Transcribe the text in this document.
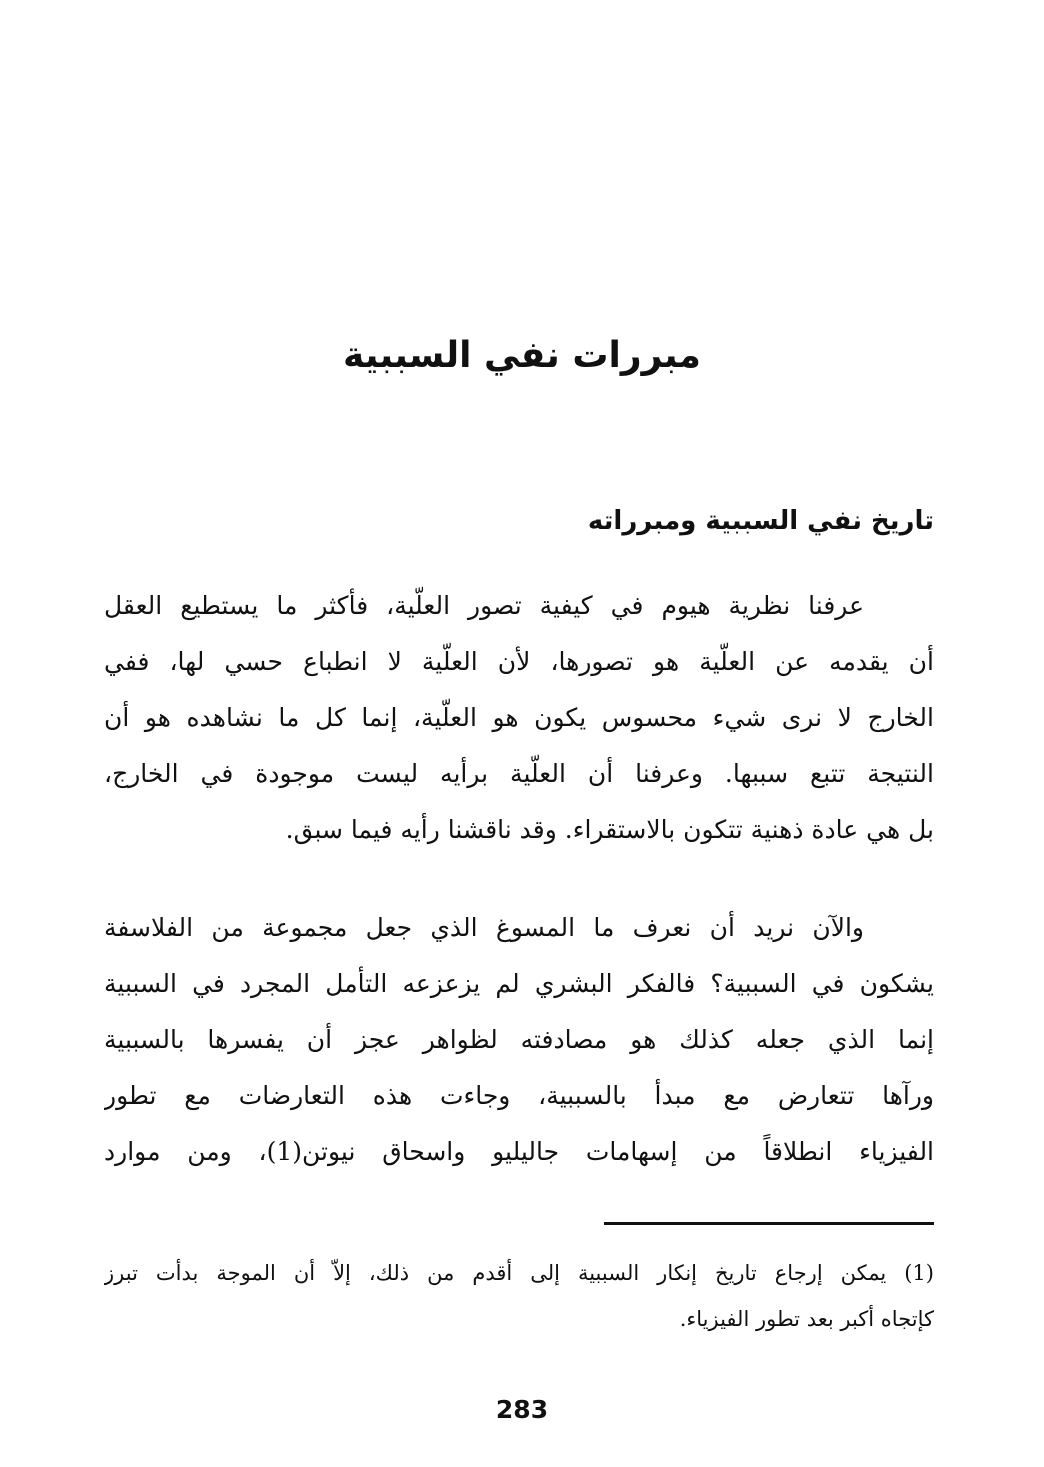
مبررات نفي السببية
تاريخ نفي السببية ومبرراته
عرفنا نظرية هيوم في كيفية تصور العلّية، فأكثر ما يستطيع العقل
أن يقدمه عن العلّية هو تصورها، لأن العلّية لا انطباع حسي لها، ففي
الخارج لا نرى شيء محسوس يكون هو العلّية، إنما كل ما نشاهده هو أن
النتيجة تتبع سببها. وعرفنا أن العلّية برأيه ليست موجودة في الخارج،
بل هي عادة ذهنية تتكون بالاستقراء. وقد ناقشنا رأيه فيما سبق.
والآن نريد أن نعرف ما المسوغ الذي جعل مجموعة من الفلاسفة
يشكون في السببية؟ فالفكر البشري لم يزعزعه التأمل المجرد في السببية
إنما الذي جعله كذلك هو مصادفته لظواهر عجز أن يفسرها بالسببية
ورآها تتعارض مع مبدأ بالسببية، وجاءت هذه التعارضات مع تطور
الفيزياء انطلاقاً من إسهامات جاليليو واسحاق نيوتن(1)، ومن موارد
(1) يمكن إرجاع تاريخ إنكار السببية إلى أقدم من ذلك، إلاّ أن الموجة بدأت تبرز
كإتجاه أكبر بعد تطور الفيزياء.
283
